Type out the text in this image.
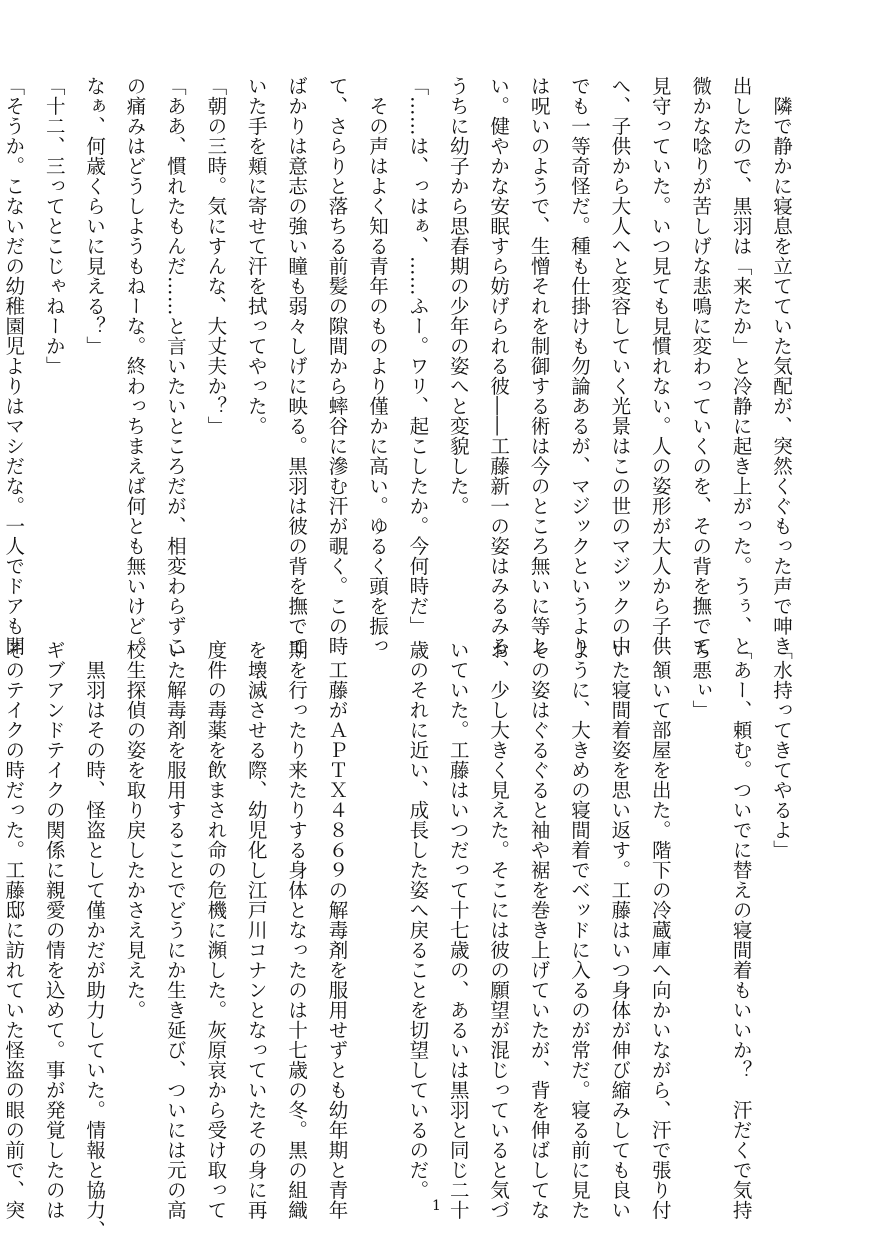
　隣で静かに寝息を立てていた気配が、突然くぐもった声で呻き

出したので、黒羽は「来たか」と冷静に起き上がった。うぅ、と

微かな唸りが苦しげな悲鳴に変わっていくのを、その背を撫でて

見守っていた。いつ見ても見慣れない。人の姿形が大人から子供

へ、子供から大人へと変容していく光景はこの世のマジックの中

でも一等奇怪だ。種も仕掛けも勿論あるが、マジックというより

は呪いのようで、生憎それを制御する術は今のところ無いに等し

い。健やかな安眠すら妨げられる彼――工藤新一の姿はみるみる

うちに幼子から思春期の少年の姿へと変貌した。

「……は、っはぁ、……ふー。ワリ、起こしたか。今何時だ」

　その声はよく知る青年のものより僅かに高い。ゆるく頭を振っ

て、さらりと落ちる前髪の隙間から蟀谷に滲む汗が覗く。この時

ばかりは意志の強い瞳も弱々しげに映る。黒羽は彼の背を撫でて

いた手を頬に寄せて汗を拭ってやった。

「朝の三時。気にすんな、大丈夫か？」

「ああ、慣れたもんだ……と言いたいところだが、相変わらずこ

の痛みはどうしようもねーな。終わっちまえば何とも無いけど。

なぁ、何歳くらいに見える？」

「十二、三ってとこじゃねーか」

「そうか。こないだの幼稚園児よりはマシだな。一人でドアも開

「水持ってきてやるよ」

「あー、頼む。ついでに替えの寝間着もいいか？　汗だくで気持

ち悪ぃ」

　頷いて部屋を出た。階下の冷蔵庫へ向かいながら、汗で張り付

いた寝間着姿を思い返す。工藤はいつ身体が伸び縮みしても良い

ように、大きめの寝間着でベッドに入るのが常だ。寝る前に見た

その姿はぐるぐると袖や裾を巻き上げていたが、背を伸ばしてな

お、少し大きく見えた。そこには彼の願望が混じっていると気づ

いていた。工藤はいつだって十七歳の、あるいは黒羽と同じ二十

歳のそれに近い、成長した姿へ戻ることを切望しているのだ。

　工藤がＡＰＴＸ４８６９の解毒剤を服用せずとも幼年期と青年

期を行ったり来たりする身体となったのは十七歳の冬。黒の組織

を壊滅させる際、幼児化し江戸川コナンとなっていたその身に再

度件の毒薬を飲まされ命の危機に瀕した。灰原哀から受け取って

いた解毒剤を服用することでどうにか生き延び、ついには元の高

校生探偵の姿を取り戻したかさえ見えた。

　黒羽はその時、怪盗として僅かだが助力していた。情報と協力、

ギブアンドテイクの関係に親愛の情を込めて。事が発覚したのは

そのテイクの時だった。工藤邸に訪れていた怪盗の眼の前で、突	1
